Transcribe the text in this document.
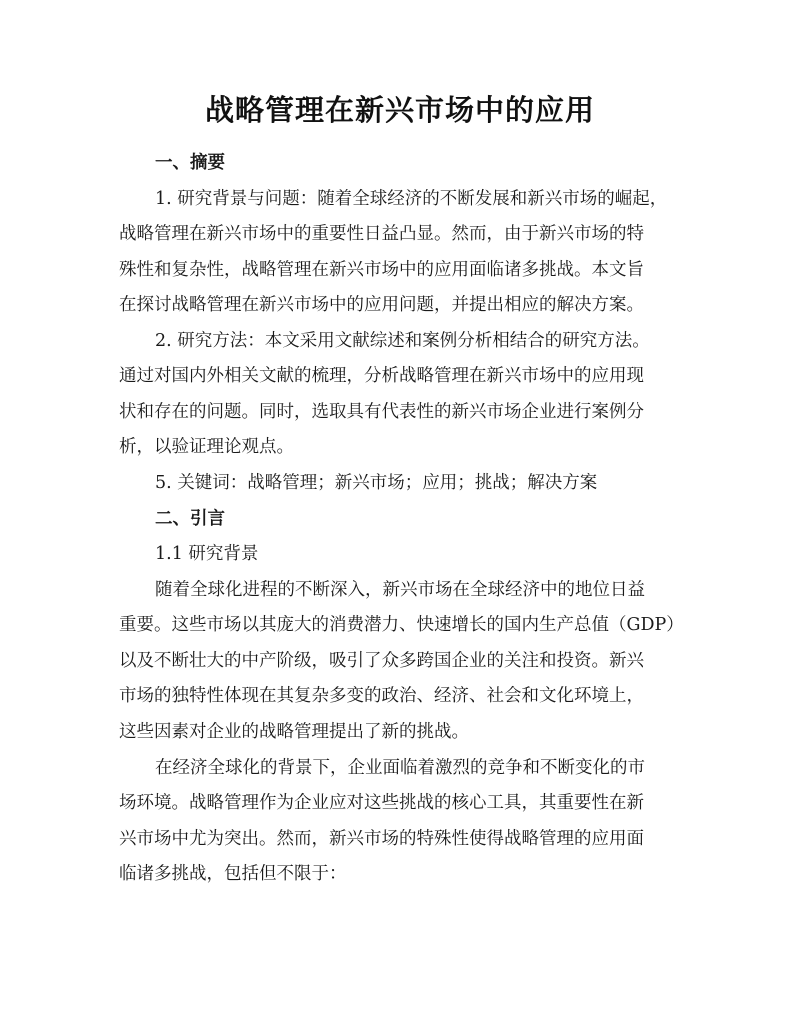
战略管理在新兴市场中的应用
一、摘要
1. 研究背景与问题：随着全球经济的不断发展和新兴市场的崛起，
战略管理在新兴市场中的重要性日益凸显。然而，由于新兴市场的特
殊性和复杂性，战略管理在新兴市场中的应用面临诸多挑战。本文旨
在探讨战略管理在新兴市场中的应用问题，并提出相应的解决方案。
2. 研究方法：本文采用文献综述和案例分析相结合的研究方法。
通过对国内外相关文献的梳理，分析战略管理在新兴市场中的应用现
状和存在的问题。同时，选取具有代表性的新兴市场企业进行案例分
析，以验证理论观点。
5. 关键词：战略管理；新兴市场；应用；挑战；解决方案
二、引言
1.1 研究背景
随着全球化进程的不断深入，新兴市场在全球经济中的地位日益
重要。这些市场以其庞大的消费潜力、快速增长的国内生产总值（GDP）
以及不断壮大的中产阶级，吸引了众多跨国企业的关注和投资。新兴
市场的独特性体现在其复杂多变的政治、经济、社会和文化环境上，
这些因素对企业的战略管理提出了新的挑战。
在经济全球化的背景下，企业面临着激烈的竞争和不断变化的市
场环境。战略管理作为企业应对这些挑战的核心工具，其重要性在新
兴市场中尤为突出。然而，新兴市场的特殊性使得战略管理的应用面
临诸多挑战，包括但不限于：
